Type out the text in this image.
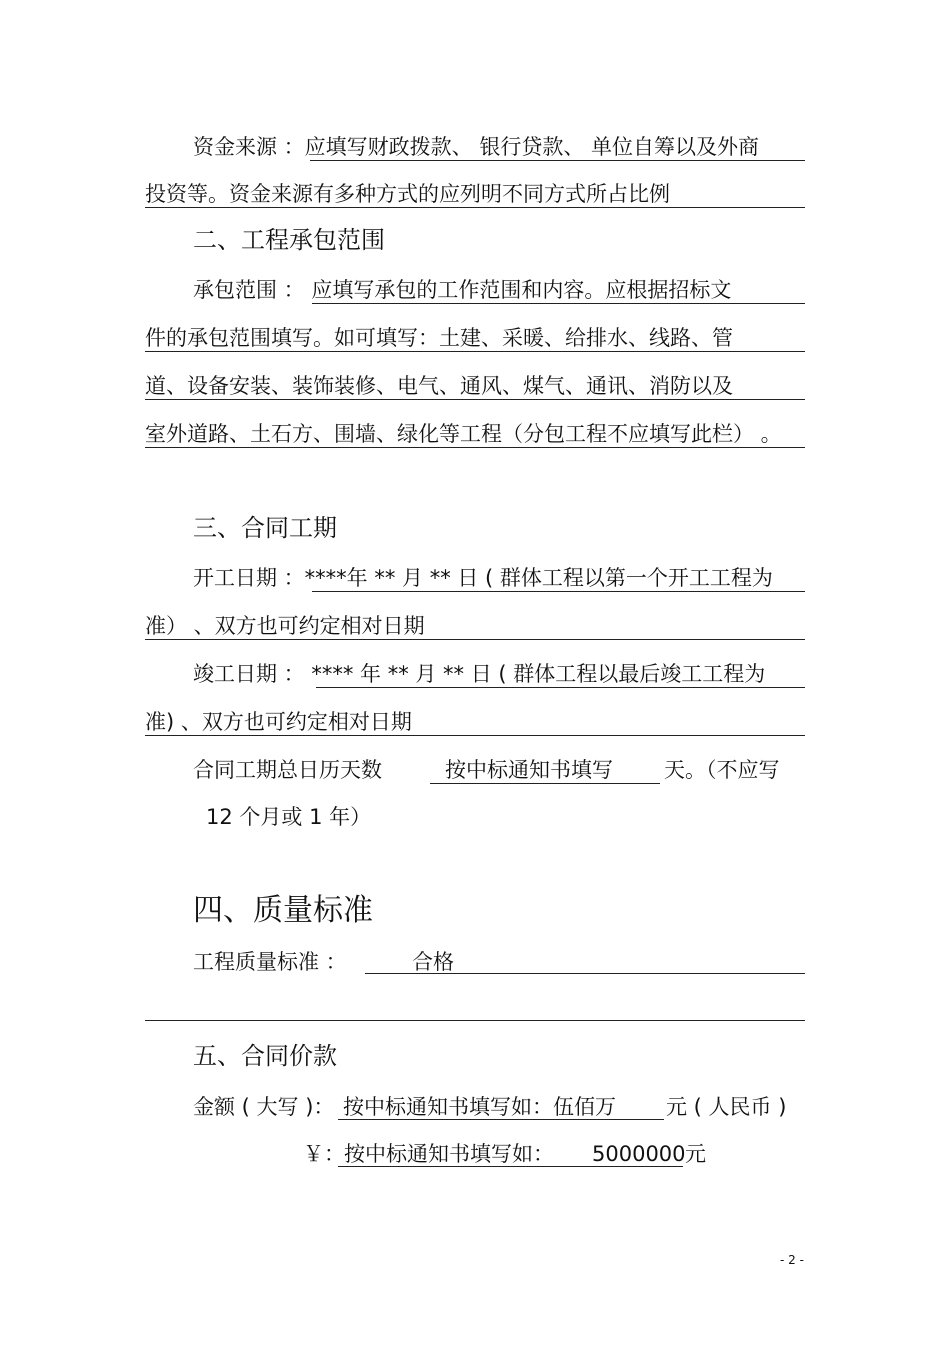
资金来源 ：应填写财政拨款、 银行贷款、 单位自筹以及外商
投资等。资金来源有多种方式的应列明不同方式所占比例
二、工程承包范围
承包范围 ： 应填写承包的工作范围和内容。应根据招标文
件的承包范围填写。如可填写：土建、采暖、给排水、线路、管
道、设备安装、装饰装修、电气、通风、煤气、通讯、消防以及
室外道路、土石方、围墙、绿化等工程（分包工程不应填写此栏） 。
三、合同工期
开工日期 ：****年 ** 月 ** 日 ( 群体工程以第一个开工工程为
准） 、双方也可约定相对日期
竣工日期 ： **** 年 ** 月 ** 日 ( 群体工程以最后竣工工程为
准) 、双方也可约定相对日期
合同工期总日历天数	按中标通知书填写 天。（不应写
12 个月或 1 年）
四、质量标准
工程质量标准 ：	合格
五、合同价款
金额 ( 大写 )： 按中标通知书填写如：伍佰万 元 ( 人民币 )
￥： 按中标通知书填写如： 5000000 元
- 2 -
